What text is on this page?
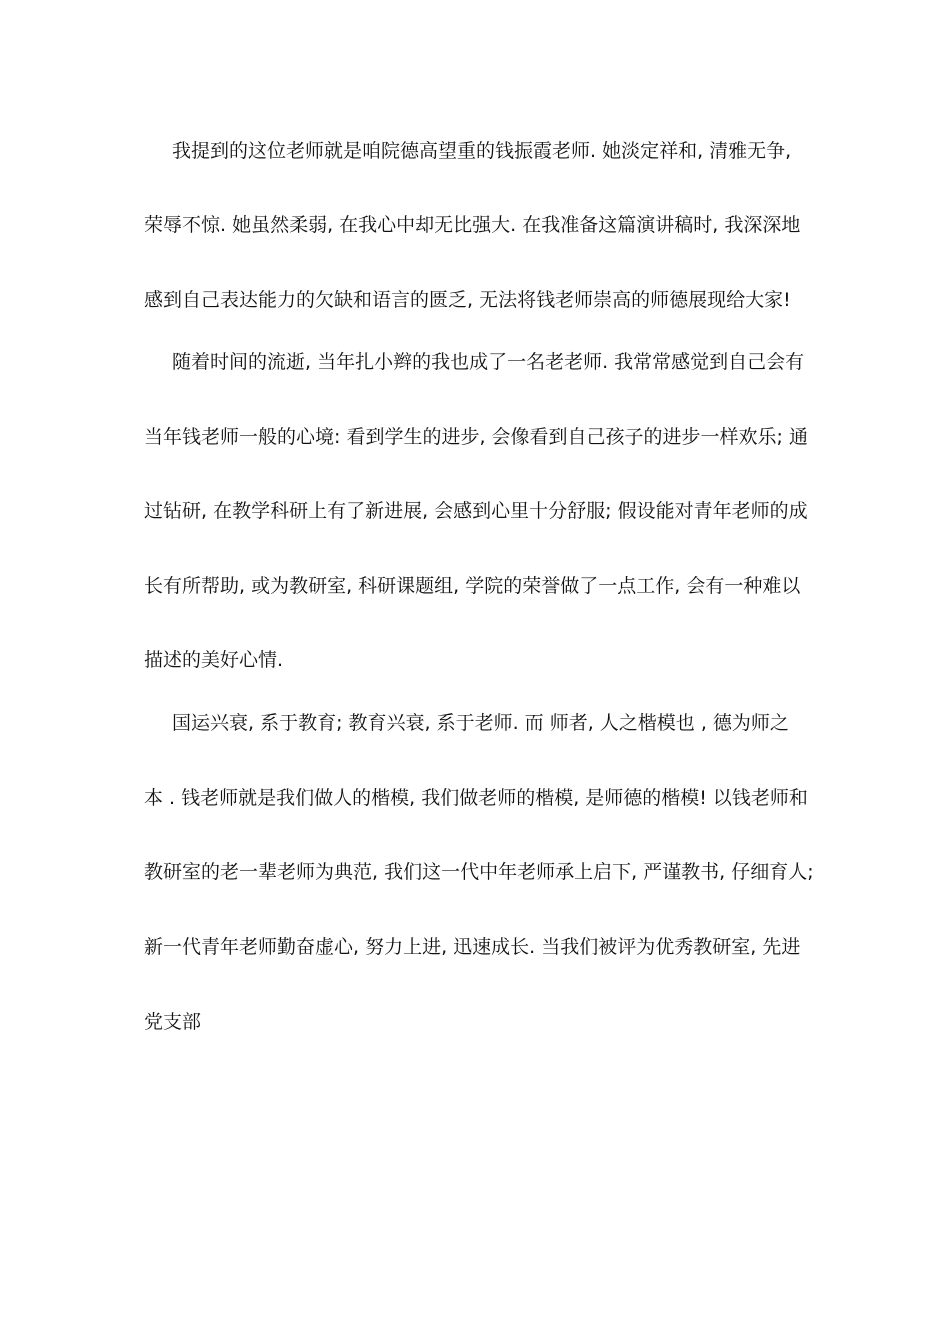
我提到的这位老师就是咱院德高望重的钱振霞老师. 她淡定祥和, 清雅无争,
荣辱不惊. 她虽然柔弱, 在我心中却无比强大. 在我准备这篇演讲稿时, 我深深地
感到自己表达能力的欠缺和语言的匮乏, 无法将钱老师崇高的师德展现给大家!
随着时间的流逝, 当年扎小辫的我也成了一名老老师. 我常常感觉到自己会有
当年钱老师一般的心境: 看到学生的进步, 会像看到自己孩子的进步一样欢乐; 通
过钻研, 在教学科研上有了新进展, 会感到心里十分舒服; 假设能对青年老师的成
长有所帮助, 或为教研室, 科研课题组, 学院的荣誉做了一点工作, 会有一种难以
描述的美好心情.
国运兴衰, 系于教育; 教育兴衰, 系于老师. 而 师者, 人之楷模也 , 德为师之
本 . 钱老师就是我们做人的楷模, 我们做老师的楷模, 是师德的楷模! 以钱老师和
教研室的老一辈老师为典范, 我们这一代中年老师承上启下, 严谨教书, 仔细育人;
新一代青年老师勤奋虚心, 努力上进, 迅速成长. 当我们被评为优秀教研室, 先进
党支部
